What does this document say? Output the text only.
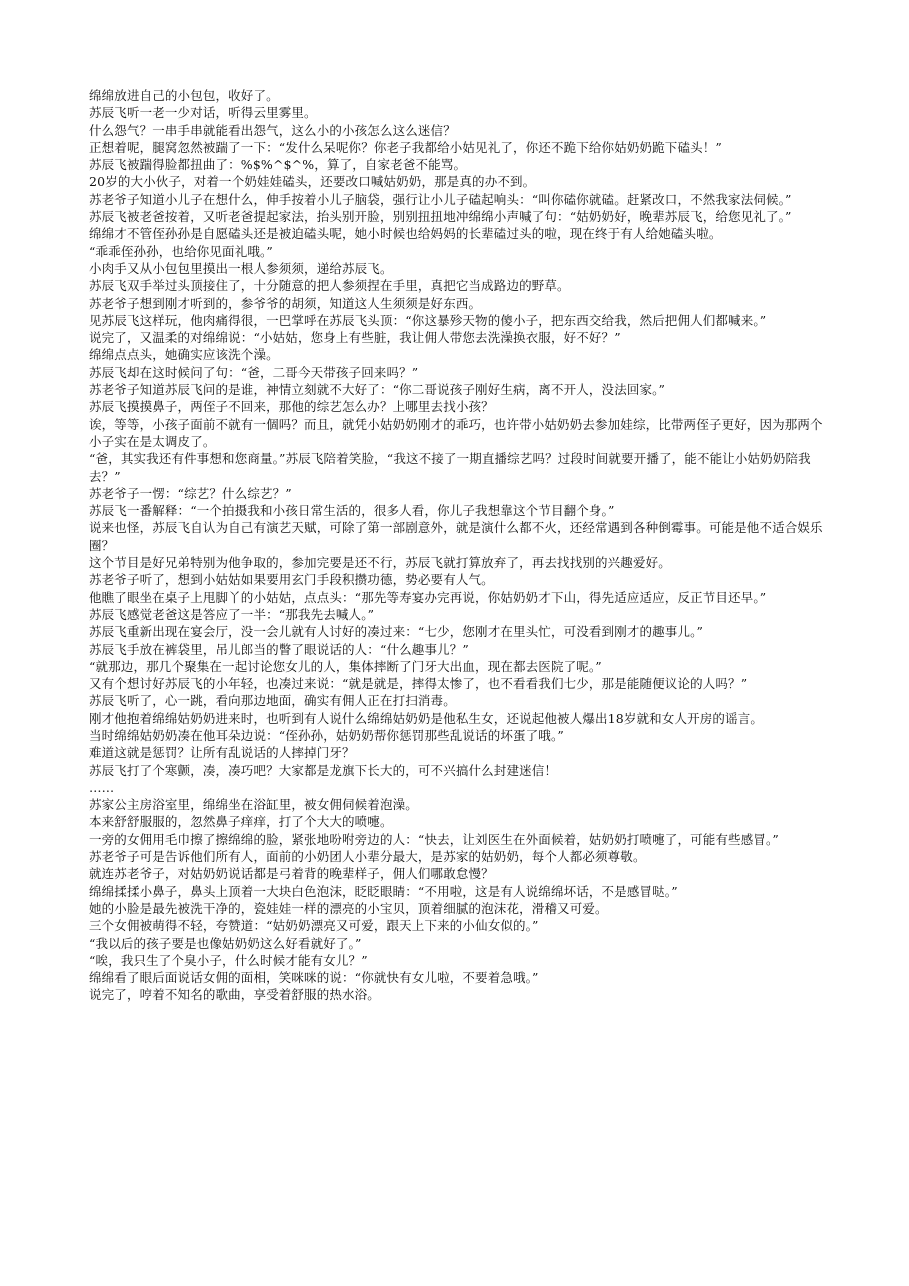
绵绵放进自己的小包包，收好了。

苏辰飞听一老一少对话，听得云里雾里。

什么怨气？一串手串就能看出怨气，这么小的小孩怎么这么迷信？

正想着呢，腿窝忽然被踹了一下：“发什么呆呢你？你老子我都给小姑见礼了，你还不跪下给你姑奶奶跪下磕头！”

苏辰飞被踹得脸都扭曲了：%$%^$^%，算了，自家老爸不能骂。

20岁的大小伙子，对着一个奶娃娃磕头，还要改口喊姑奶奶，那是真的办不到。

苏老爷子知道小儿子在想什么，伸手按着小儿子脑袋，强行让小儿子磕起响头：“叫你磕你就磕。赶紧改口，不然我家法伺候。”

苏辰飞被老爸按着，又听老爸提起家法，抬头别开脸，别别扭扭地冲绵绵小声喊了句：“姑奶奶好，晚辈苏辰飞，给您见礼了。”

绵绵才不管侄孙孙是自愿磕头还是被迫磕头呢，她小时候也给妈妈的长辈磕过头的啦，现在终于有人给她磕头啦。

“乖乖侄孙孙，也给你见面礼哦。”

小肉手又从小包包里摸出一根人参须须，递给苏辰飞。

苏辰飞双手举过头顶接住了，十分随意的把人参须捏在手里，真把它当成路边的野草。

苏老爷子想到刚才听到的，参爷爷的胡须，知道这人生须须是好东西。

见苏辰飞这样玩，他肉痛得很，一巴掌呼在苏辰飞头顶：“你这暴殄天物的傻小子，把东西交给我，然后把佣人们都喊来。”

说完了，又温柔的对绵绵说：“小姑姑，您身上有些脏，我让佣人带您去洗澡换衣服，好不好？”

绵绵点点头，她确实应该洗个澡。

苏辰飞却在这时候问了句：“爸，二哥今天带孩子回来吗？”

苏老爷子知道苏辰飞问的是谁，神情立刻就不大好了：“你二哥说孩子刚好生病，离不开人，没法回家。”

苏辰飞摸摸鼻子，两侄子不回来，那他的综艺怎么办？上哪里去找小孩？

诶，等等，小孩子面前不就有一個吗？而且，就凭小姑奶奶刚才的乖巧，也许带小姑奶奶去参加娃综，比带两侄子更好，因为那两个小子实在是太调皮了。

“爸，其实我还有件事想和您商量。”苏辰飞陪着笑脸，“我这不接了一期直播综艺吗？过段时间就要开播了，能不能让小姑奶奶陪我去？”

苏老爷子一愣：“综艺？什么综艺？”

苏辰飞一番解释：“一个拍摄我和小孩日常生活的，很多人看，你儿子我想靠这个节目翻个身。”

说来也怪，苏辰飞自认为自己有演艺天赋，可除了第一部剧意外，就是演什么都不火，还经常遇到各种倒霉事。可能是他不适合娱乐圈？

这个节目是好兄弟特别为他争取的，参加完要是还不行，苏辰飞就打算放弃了，再去找找别的兴趣爱好。

苏老爷子听了，想到小姑姑如果要用玄门手段积攒功德，势必要有人气。

他瞧了眼坐在桌子上甩脚丫的小姑姑，点点头：“那先等寿宴办完再说，你姑奶奶才下山，得先适应适应，反正节目还早。”

苏辰飞感觉老爸这是答应了一半：“那我先去喊人。”

苏辰飞重新出现在宴会厅，没一会儿就有人讨好的凑过来：“七少，您刚才在里头忙，可没看到刚才的趣事儿。”

苏辰飞手放在裤袋里，吊儿郎当的瞥了眼说话的人：“什么趣事儿？”

“就那边，那几个聚集在一起讨论您女儿的人，集体摔断了门牙大出血，现在都去医院了呢。”

又有个想讨好苏辰飞的小年轻，也凑过来说：“就是就是，摔得太惨了，也不看看我们七少，那是能随便议论的人吗？”

苏辰飞听了，心一跳，看向那边地面，确实有佣人正在打扫消毒。

刚才他抱着绵绵姑奶奶进来时，也听到有人说什么绵绵姑奶奶是他私生女，还说起他被人爆出18岁就和女人开房的谣言。

当时绵绵姑奶奶凑在他耳朵边说：“侄孙孙，姑奶奶帮你惩罚那些乱说话的坏蛋了哦。”

难道这就是惩罚？让所有乱说话的人摔掉门牙？

苏辰飞打了个寒颤，凑，凑巧吧？大家都是龙旗下长大的，可不兴搞什么封建迷信！

……

苏家公主房浴室里，绵绵坐在浴缸里，被女佣伺候着泡澡。

本来舒舒服服的，忽然鼻子痒痒，打了个大大的喷嚏。

一旁的女佣用毛巾擦了擦绵绵的脸，紧张地吩咐旁边的人：“快去，让刘医生在外面候着，姑奶奶打喷嚏了，可能有些感冒。”

苏老爷子可是告诉他们所有人，面前的小奶团人小辈分最大，是苏家的姑奶奶，每个人都必须尊敬。

就连苏老爷子，对姑奶奶说话都是弓着背的晚辈样子，佣人们哪敢怠慢？

绵绵揉揉小鼻子，鼻头上顶着一大块白色泡沫，眨眨眼睛：“不用啦，这是有人说绵绵坏话，不是感冒哒。”

她的小脸是最先被洗干净的，瓷娃娃一样的漂亮的小宝贝，顶着细腻的泡沫花，滑稽又可爱。

三个女佣被萌得不轻，夸赞道：“姑奶奶漂亮又可爱，跟天上下来的小仙女似的。”

“我以后的孩子要是也像姑奶奶这么好看就好了。”

“唉，我只生了个臭小子，什么时候才能有女儿？”

绵绵看了眼后面说话女佣的面相，笑咪咪的说：“你就快有女儿啦，不要着急哦。”

说完了，哼着不知名的歌曲，享受着舒服的热水浴。
